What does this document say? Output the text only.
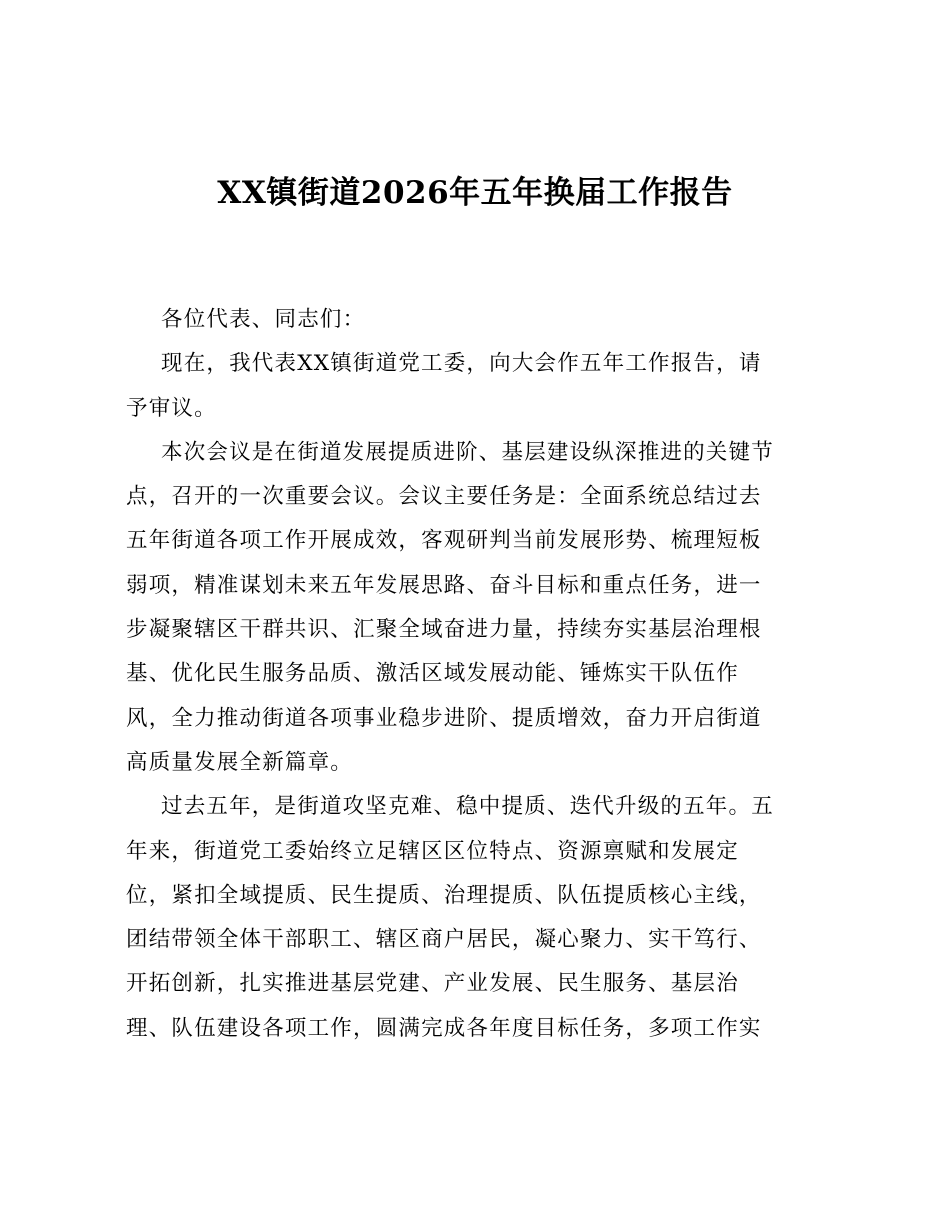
XX镇街道2026年五年换届工作报告
各位代表、同志们：
现在，我代表XX镇街道党工委，向大会作五年工作报告，请
予审议。
本次会议是在街道发展提质进阶、基层建设纵深推进的关键节
点，召开的一次重要会议。会议主要任务是：全面系统总结过去
五年街道各项工作开展成效，客观研判当前发展形势、梳理短板
弱项，精准谋划未来五年发展思路、奋斗目标和重点任务，进一
步凝聚辖区干群共识、汇聚全域奋进力量，持续夯实基层治理根
基、优化民生服务品质、激活区域发展动能、锤炼实干队伍作
风，全力推动街道各项事业稳步进阶、提质增效，奋力开启街道
高质量发展全新篇章。
过去五年，是街道攻坚克难、稳中提质、迭代升级的五年。五
年来，街道党工委始终立足辖区区位特点、资源禀赋和发展定
位，紧扣全域提质、民生提质、治理提质、队伍提质核心主线，
团结带领全体干部职工、辖区商户居民，凝心聚力、实干笃行、
开拓创新，扎实推进基层党建、产业发展、民生服务、基层治
理、队伍建设各项工作，圆满完成各年度目标任务，多项工作实
